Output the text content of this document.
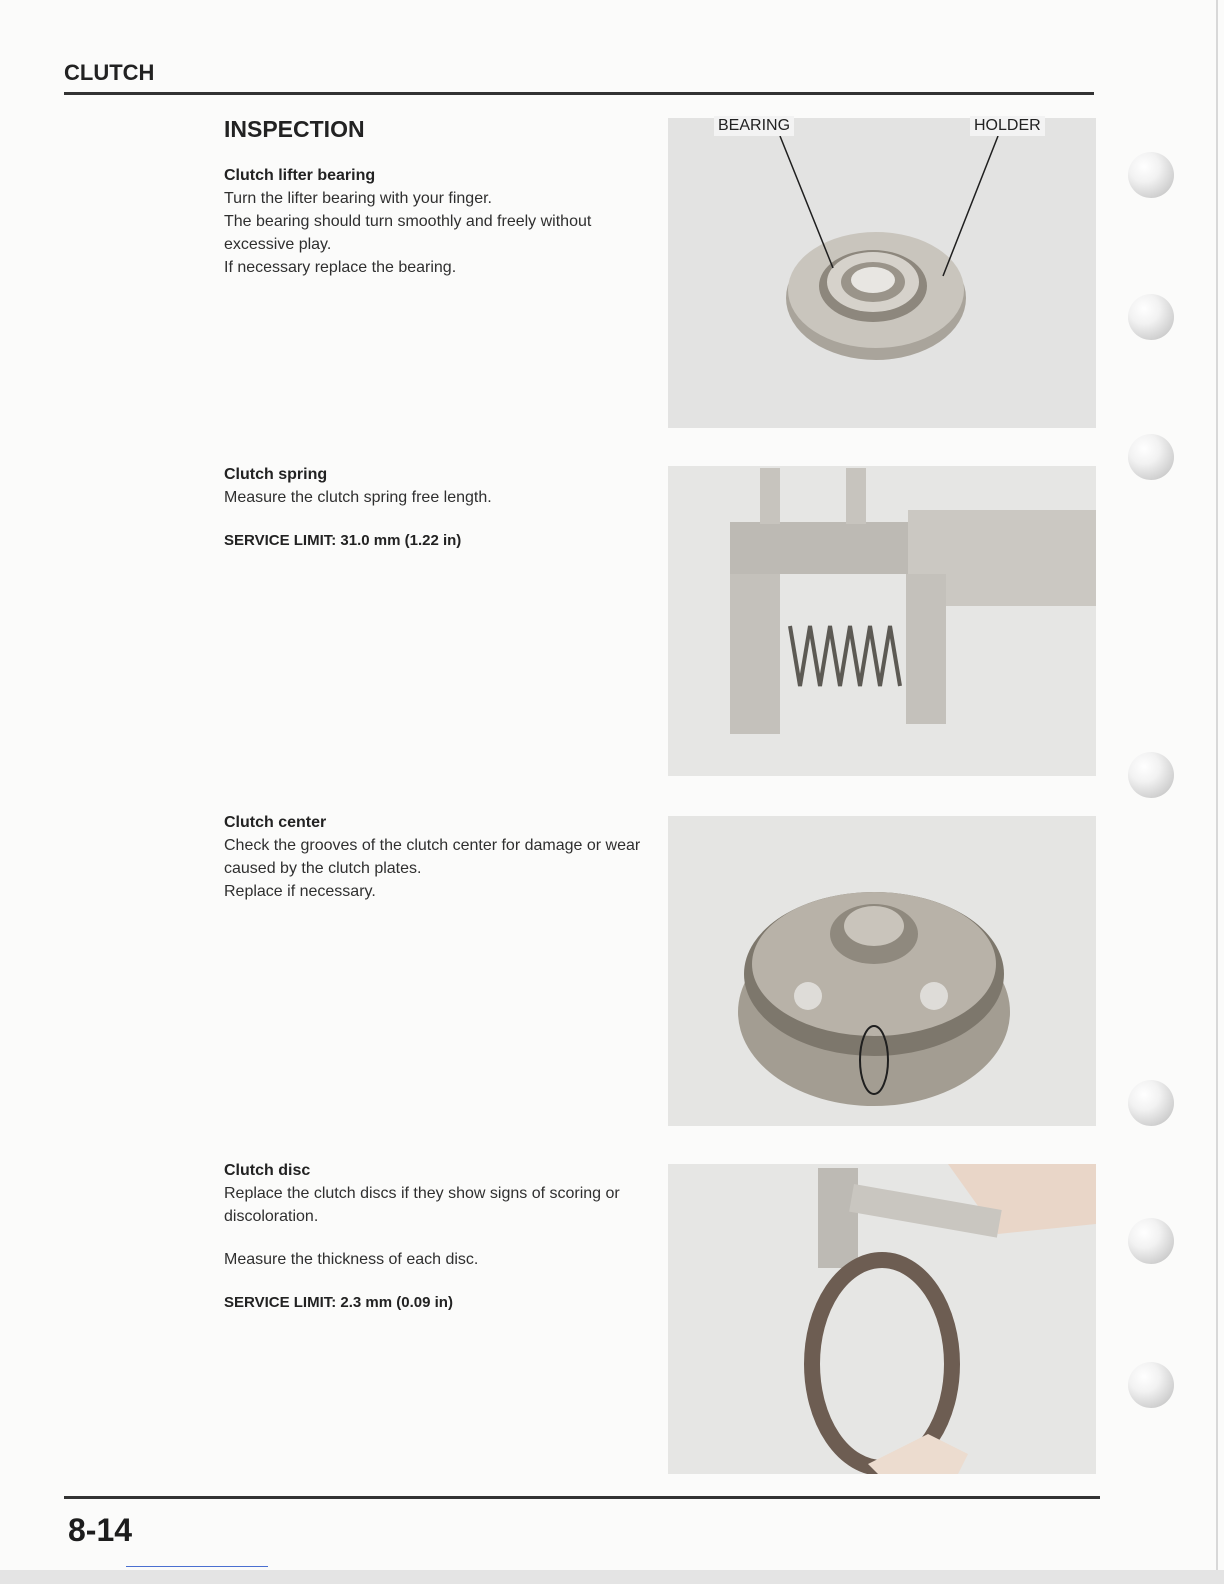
CLUTCH
INSPECTION
Clutch lifter bearing

Turn the lifter bearing with your finger.

The bearing should turn smoothly and freely without excessive play.

If necessary replace the bearing.

Clutch spring

Measure the clutch spring free length.

SERVICE LIMIT: 31.0 mm (1.22 in)

Clutch center

Check the grooves of the clutch center for damage or wear caused by the clutch plates.

Replace if necessary.

Clutch disc

Replace the clutch discs if they show signs of scoring or discoloration.

Measure the thickness of each disc.

SERVICE LIMIT: 2.3 mm (0.09 in)

BEARING	HOLDER
8-14
